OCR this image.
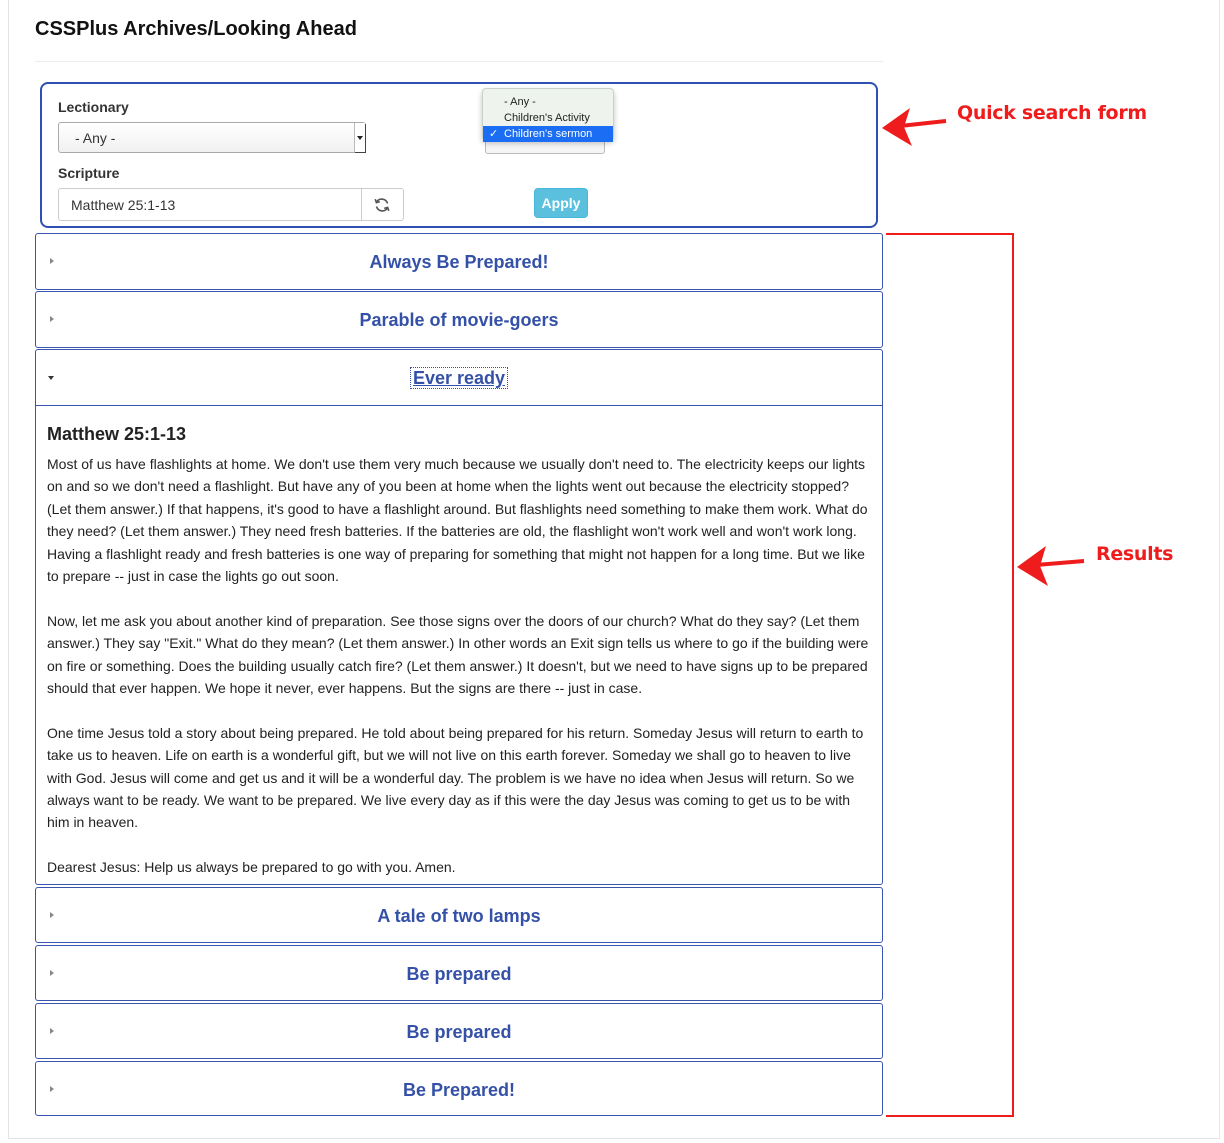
CSSPlus Archives/Looking Ahead
Lectionary
- Any -
Scripture
Matthew 25:1-13
- Any -
Children's Activity
✓ Children's sermon
Apply
Always Be Prepared!
Parable of movie-goers
Ever ready
Matthew 25:1-13

Most of us have flashlights at home. We don't use them very much because we usually don't need to. The electricity keeps our lights on and so we don't need a flashlight. But have any of you been at home when the lights went out because the electricity stopped? (Let them answer.) If that happens, it's good to have a flashlight around. But flashlights need something to make them work. What do they need? (Let them answer.) They need fresh batteries. If the batteries are old, the flashlight won't work well and won't work long. Having a flashlight ready and fresh batteries is one way of preparing for something that might not happen for a long time. But we like to prepare -- just in case the lights go out soon.

Now, let me ask you about another kind of preparation. See those signs over the doors of our church? What do they say? (Let them answer.) They say "Exit." What do they mean? (Let them answer.) In other words an Exit sign tells us where to go if the building were on fire or something. Does the building usually catch fire? (Let them answer.) It doesn't, but we need to have signs up to be prepared should that ever happen. We hope it never, ever happens. But the signs are there -- just in case.

One time Jesus told a story about being prepared. He told about being prepared for his return. Someday Jesus will return to earth to take us to heaven. Life on earth is a wonderful gift, but we will not live on this earth forever. Someday we shall go to heaven to live with God. Jesus will come and get us and it will be a wonderful day. The problem is we have no idea when Jesus will return. So we always want to be ready. We want to be prepared. We live every day as if this were the day Jesus was coming to get us to be with him in heaven.

Dearest Jesus: Help us always be prepared to go with you. Amen.

A tale of two lamps
Be prepared
Be prepared
Be Prepared!
Quick search form
Results
